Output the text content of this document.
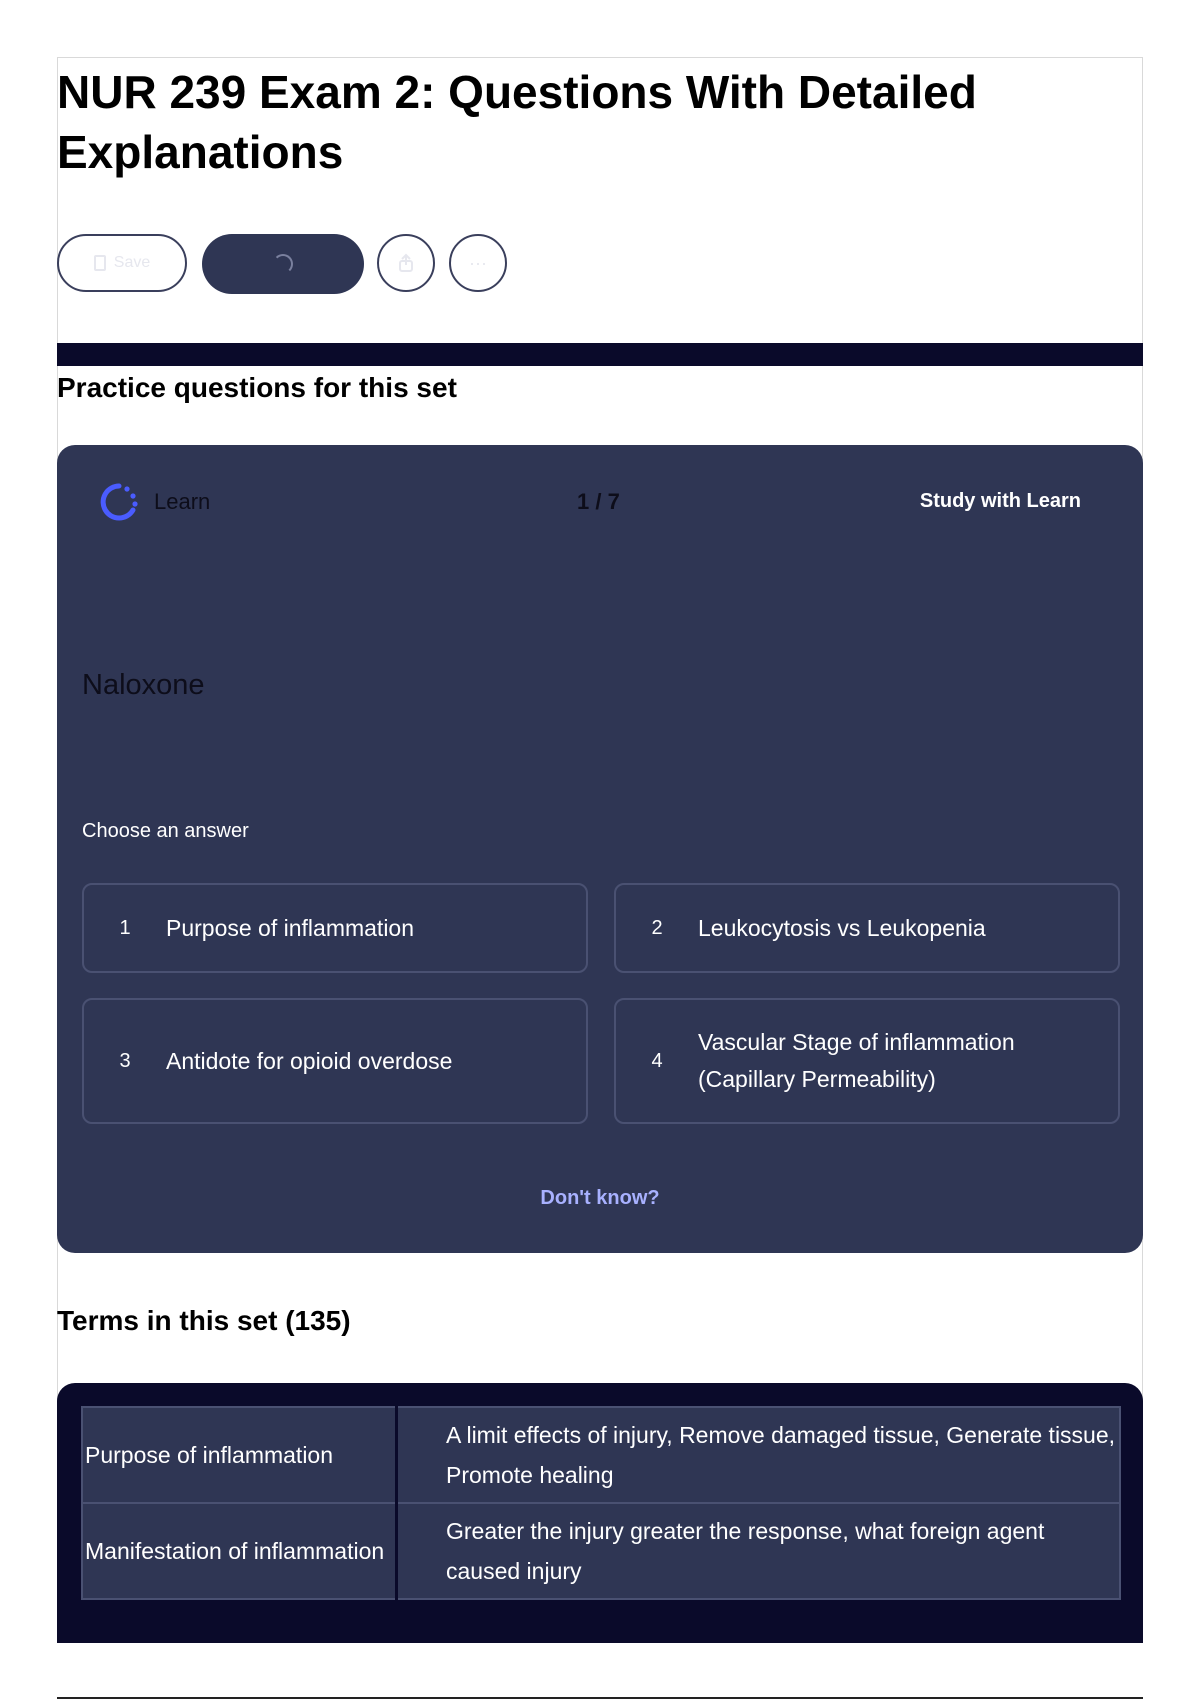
NUR 239 Exam 2: Questions With Detailed Explanations
Save	···
Practice questions for this set
Learn	1 / 7	Study with Learn
Naloxone
Choose an answer
1	Purpose of inflammation	2	Leukocytosis vs Leukopenia
3	Antidote for opioid overdose	4
Vascular Stage of inflammation (Capillary Permeability)
Don't know?
Terms in this set (135)
Purpose of inflammation	A limit effects of injury, Remove damaged tissue, Generate tissue, Promote healing
Manifestation of inflammation	Greater the injury greater the response, what foreign agent caused injury
